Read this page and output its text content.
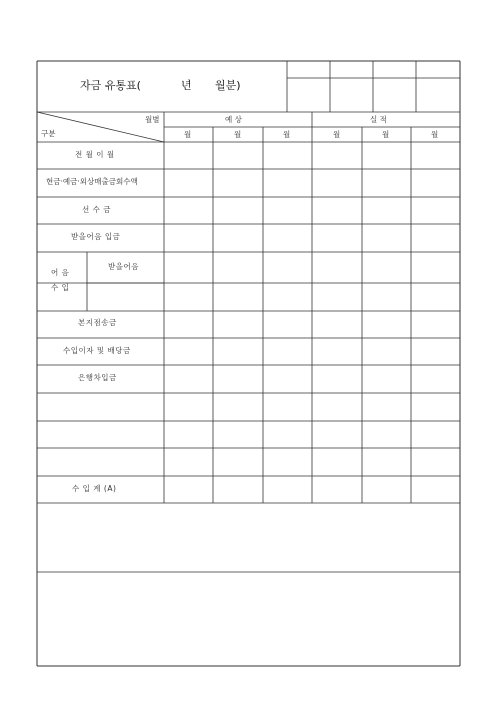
자금 유통표(	년 월분)
월별
구분
예 상	실 적
월	월	월	월	월	월
전 월 이 월
현금·예금·외상매출금회수액
선 수 금
받을어음 입금
어 음
수 입
받을어음
본지점송금
수입이자 및 배당금
은행차입금
수 입 계 (A)
